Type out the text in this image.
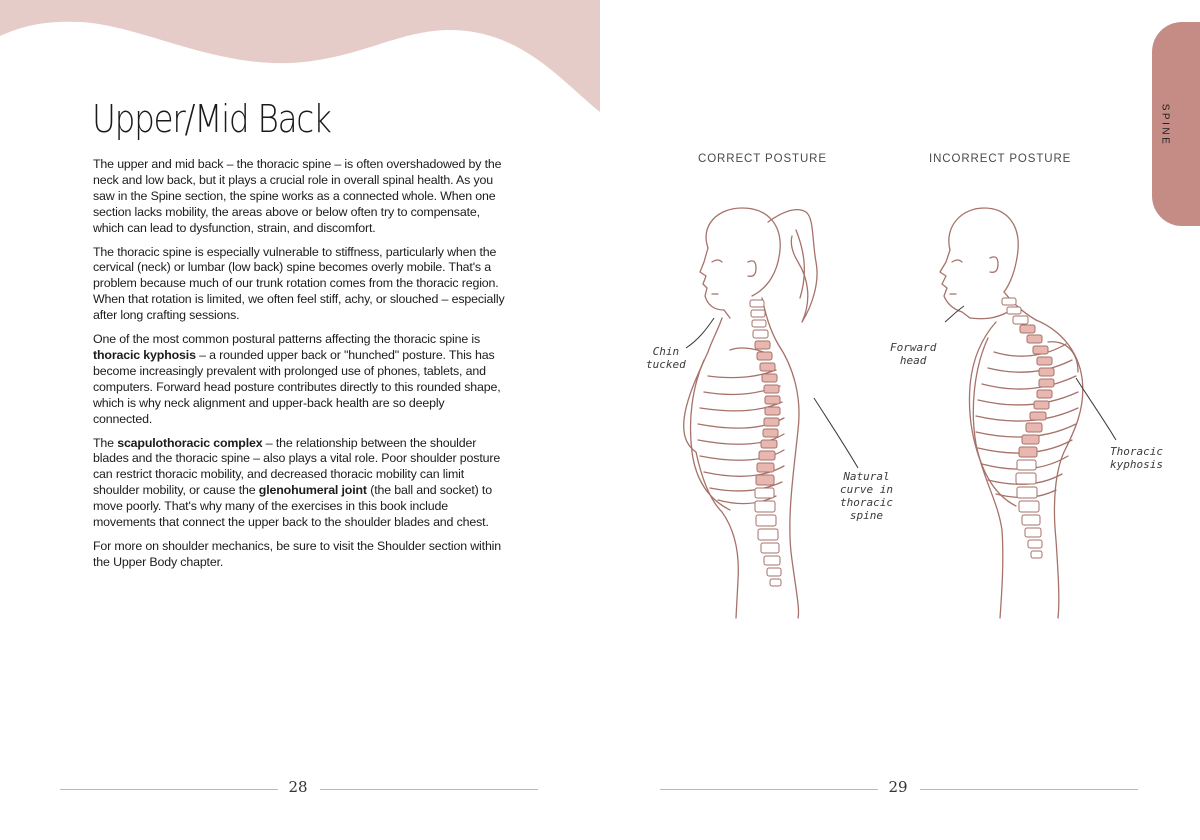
Upper/Mid Back

The upper and mid back – the thoracic spine – is often overshadowed by the neck and low back, but it plays a crucial role in overall spinal health. As you saw in the Spine section, the spine works as a connected whole. When one section lacks mobility, the areas above or below often try to compensate, which can lead to dysfunction, strain, and discomfort.

The thoracic spine is especially vulnerable to stiffness, particularly when the cervical (neck) or lumbar (low back) spine becomes overly mobile. That's a problem because much of our trunk rotation comes from the thoracic region. When that rotation is limited, we often feel stiff, achy, or slouched – especially after long crafting sessions.

One of the most common postural patterns affecting the thoracic spine is thoracic kyphosis – a rounded upper back or "hunched" posture. This has become increasingly prevalent with prolonged use of phones, tablets, and computers. Forward head posture contributes directly to this rounded shape, which is why neck alignment and upper-back health are so deeply connected.

The scapulothoracic complex – the relationship between the shoulder blades and the thoracic spine – also plays a vital role. Poor shoulder posture can restrict thoracic mobility, and decreased thoracic mobility can limit shoulder mobility, or cause the glenohumeral joint (the ball and socket) to move poorly. That's why many of the exercises in this book include movements that connect the upper back to the shoulder blades and chest.

For more on shoulder mechanics, be sure to visit the Shoulder section within the Upper Body chapter.

28
SPINE
CORRECT POSTURE	INCORRECT POSTURE
Chin
tucked
Natural
curve in
thoracic
spine
Forward
head
Thoracic
kyphosis
29
